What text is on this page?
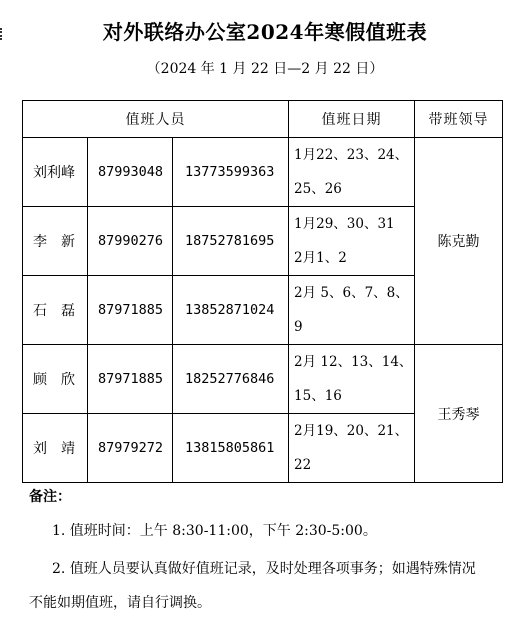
对外联络办公室2024年寒假值班表
（2024 年 1 月 22 日—2 月 22 日）
值班人员			值班日期	带班领导
刘利峰	87993048	13773599363	1月22、23、24、
25、26	陈克勤
李　新	87990276	18752781695	1月29、30、31
2月1、2	

石　磊	87971885	13852871024	2月 5、6、7、8、
9	

顾　欣	87971885	18252776846	2月 12、13、14、
15、16	王秀琴
刘　靖	87979272	13815805861	2月19、20、21、
22	
备注：
1. 值班时间：上午 8:30-11:00，下午 2:30-5:00。
2. 值班人员要认真做好值班记录，及时处理各项事务；如遇特殊情况
不能如期值班，请自行调换。
